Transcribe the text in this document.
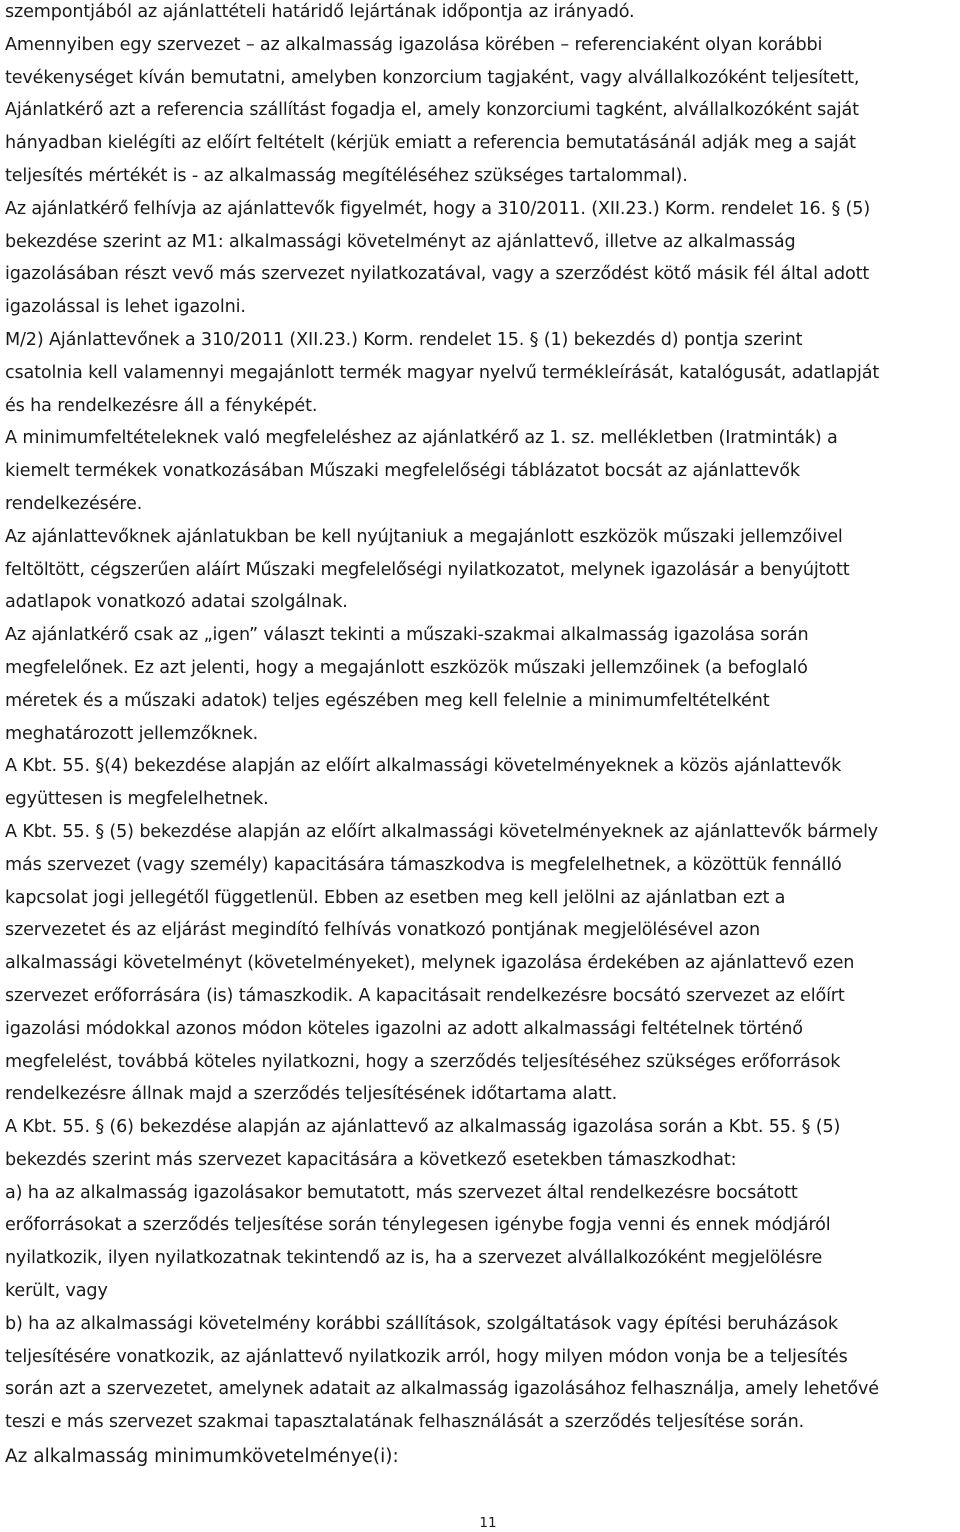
szempontjából az ajánlattételi határidő lejártának időpontja az irányadó.
Amennyiben egy szervezet – az alkalmasság igazolása körében – referenciaként olyan korábbi
tevékenységet kíván bemutatni, amelyben konzorcium tagjaként, vagy alvállalkozóként teljesített,
Ajánlatkérő azt a referencia szállítást fogadja el, amely konzorciumi tagként, alvállalkozóként saját
hányadban kielégíti az előírt feltételt (kérjük emiatt a referencia bemutatásánál adják meg a saját
teljesítés mértékét is - az alkalmasság megítéléséhez szükséges tartalommal).
Az ajánlatkérő felhívja az ajánlattevők figyelmét, hogy a 310/2011. (XII.23.) Korm. rendelet 16. § (5)
bekezdése szerint az M1: alkalmassági követelményt az ajánlattevő, illetve az alkalmasság
igazolásában részt vevő más szervezet nyilatkozatával, vagy a szerződést kötő másik fél által adott
igazolással is lehet igazolni.
M/2) Ajánlattevőnek a 310/2011 (XII.23.) Korm. rendelet 15. § (1) bekezdés d) pontja szerint
csatolnia kell valamennyi megajánlott termék magyar nyelvű termékleírását, katalógusát, adatlapját
és ha rendelkezésre áll a fényképét.
A minimumfeltételeknek való megfeleléshez az ajánlatkérő az 1. sz. mellékletben (Iratminták) a
kiemelt termékek vonatkozásában Műszaki megfelelőségi táblázatot bocsát az ajánlattevők
rendelkezésére.
Az ajánlattevőknek ajánlatukban be kell nyújtaniuk a megajánlott eszközök műszaki jellemzőivel
feltöltött, cégszerűen aláírt Műszaki megfelelőségi nyilatkozatot, melynek igazolásár a benyújtott
adatlapok vonatkozó adatai szolgálnak.
Az ajánlatkérő csak az „igen” választ tekinti a műszaki-szakmai alkalmasság igazolása során
megfelelőnek. Ez azt jelenti, hogy a megajánlott eszközök műszaki jellemzőinek (a befoglaló
méretek és a műszaki adatok) teljes egészében meg kell felelnie a minimumfeltételként
meghatározott jellemzőknek.
A Kbt. 55. §(4) bekezdése alapján az előírt alkalmassági követelményeknek a közös ajánlattevők
együttesen is megfelelhetnek.
A Kbt. 55. § (5) bekezdése alapján az előírt alkalmassági követelményeknek az ajánlattevők bármely
más szervezet (vagy személy) kapacitására támaszkodva is megfelelhetnek, a közöttük fennálló
kapcsolat jogi jellegétől függetlenül. Ebben az esetben meg kell jelölni az ajánlatban ezt a
szervezetet és az eljárást megindító felhívás vonatkozó pontjának megjelölésével azon
alkalmassági követelményt (követelményeket), melynek igazolása érdekében az ajánlattevő ezen
szervezet erőforrására (is) támaszkodik. A kapacitásait rendelkezésre bocsátó szervezet az előírt
igazolási módokkal azonos módon köteles igazolni az adott alkalmassági feltételnek történő
megfelelést, továbbá köteles nyilatkozni, hogy a szerződés teljesítéséhez szükséges erőforrások
rendelkezésre állnak majd a szerződés teljesítésének időtartama alatt.
A Kbt. 55. § (6) bekezdése alapján az ajánlattevő az alkalmasság igazolása során a Kbt. 55. § (5)
bekezdés szerint más szervezet kapacitására a következő esetekben támaszkodhat:
a) ha az alkalmasság igazolásakor bemutatott, más szervezet által rendelkezésre bocsátott
erőforrásokat a szerződés teljesítése során ténylegesen igénybe fogja venni és ennek módjáról
nyilatkozik, ilyen nyilatkozatnak tekintendő az is, ha a szervezet alvállalkozóként megjelölésre
került, vagy
b) ha az alkalmassági követelmény korábbi szállítások, szolgáltatások vagy építési beruházások
teljesítésére vonatkozik, az ajánlattevő nyilatkozik arról, hogy milyen módon vonja be a teljesítés
során azt a szervezetet, amelynek adatait az alkalmasság igazolásához felhasználja, amely lehetővé
teszi e más szervezet szakmai tapasztalatának felhasználását a szerződés teljesítése során.
Az alkalmasság minimumkövetelménye(i):
11
